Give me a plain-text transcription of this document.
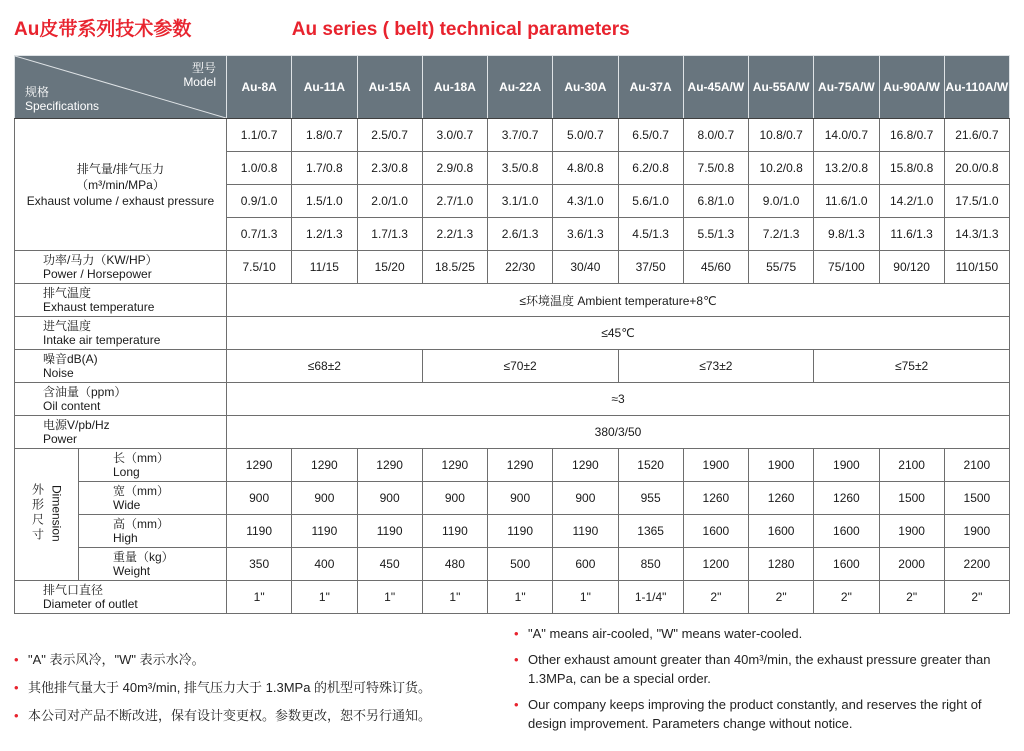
Au皮带系列技术参数	Au series ( belt) technical parameters
型号
Model
规格
Specifications		Au-8A	Au-11A	Au-15A	Au-18A	Au-22A	Au-30A	Au-37A	Au-45A/W	Au-55A/W	Au-75A/W	Au-90A/W	Au-110A/W

排气量/排气压力
（m³/min/MPa）
Exhaust volume / exhaust pressure		1.1/0.7	1.8/0.7	2.5/0.7	3.0/0.7	3.7/0.7	5.0/0.7	6.5/0.7	8.0/0.7	10.8/0.7	14.0/0.7	16.8/0.7	21.6/0.7
		1.0/0.8	1.7/0.8	2.3/0.8	2.9/0.8	3.5/0.8	4.8/0.8	6.2/0.8	7.5/0.8	10.2/0.8	13.2/0.8	15.8/0.8	20.0/0.8
		0.9/1.0	1.5/1.0	2.0/1.0	2.7/1.0	3.1/1.0	4.3/1.0	5.6/1.0	6.8/1.0	9.0/1.0	11.6/1.0	14.2/1.0	17.5/1.0
		0.7/1.3	1.2/1.3	1.7/1.3	2.2/1.3	2.6/1.3	3.6/1.3	4.5/1.3	5.5/1.3	7.2/1.3	9.8/1.3	11.6/1.3	14.3/1.3

功率/马力（KW/HP）
Power / Horsepower		7.5/10	11/15	15/20	18.5/25	22/30	30/40	37/50	45/60	55/75	75/100	90/120	110/150

排气温度
Exhaust temperature		≤环境温度 Ambient temperature+8℃											

进气温度
Intake air temperature		≤45℃											

噪音dB(A)
Noise		≤68±2			≤70±2			≤73±2			≤75±2		

含油量（ppm）
Oil content		≈3											

电源V/pb/Hz
Power		380/3/50											

外形尺寸 Dimension

长（mm）
Long	1290	1290	1290	1290	1290	1290	1520	1900	1900	1900	2100	2100

	宽（mm）
Wide	900	900	900	900	900	900	955	1260	1260	1260	1500	1500

	高（mm）
High	1190	1190	1190	1190	1190	1190	1365	1600	1600	1600	1900	1900

	重量（kg）
Weight	350	400	450	480	500	600	850	1200	1280	1600	2000	2200

排气口直径
Diameter of outlet		1"	1"	1"	1"	1"	1"	1-1/4"	2"	2"	2"	2"	2"
• "A" 表示风冷，"W" 表示水冷。
• 其他排气量大于 40m³/min, 排气压力大于 1.3MPa 的机型可特殊订货。
• 本公司对产品不断改进，保有设计变更权。参数更改，恕不另行通知。
• "A" means air-cooled, "W" means water-cooled.
• Other exhaust amount greater than 40m³/min, the exhaust pressure greater than 1.3MPa, can be a special order.
• Our company keeps improving the product constantly, and reserves the right of design improvement. Parameters change without notice.
